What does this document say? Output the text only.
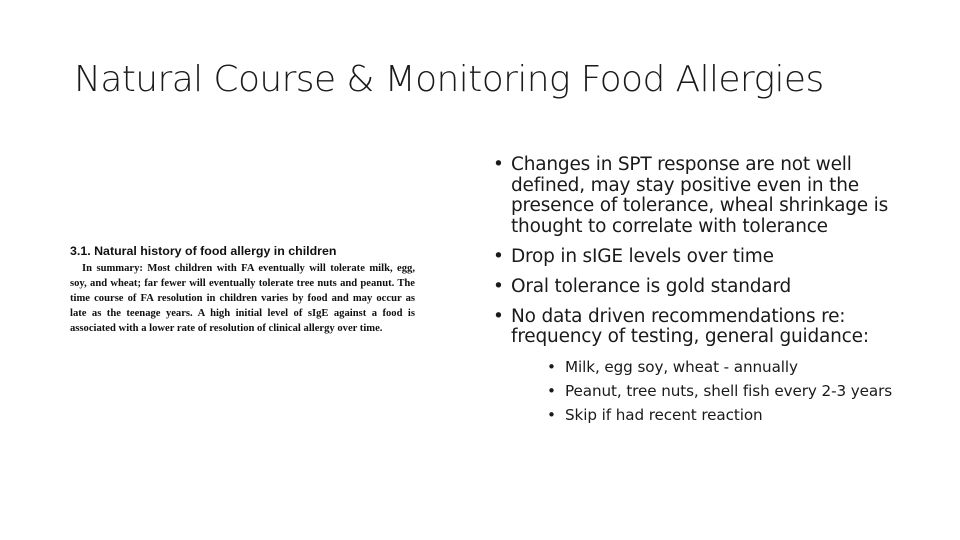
Natural Course & Monitoring Food Allergies
3.1. Natural history of food allergy in children

In summary: Most children with FA eventually will tolerate milk, egg, soy, and wheat; far fewer will eventually tolerate tree nuts and peanut. The time course of FA resolution in children varies by food and may occur as late as the teenage years. A high initial level of sIgE against a food is associated with a lower rate of resolution of clinical allergy over time.

• Changes in SPT response are not well defined, may stay positive even in the presence of tolerance, wheal shrinkage is thought to correlate with tolerance
• Drop in sIGE levels over time
• Oral tolerance is gold standard
• No data driven recommendations re: frequency of testing, general guidance:
• Milk, egg soy, wheat - annually
• Peanut, tree nuts, shell fish every 2-3 years
• Skip if had recent reaction
